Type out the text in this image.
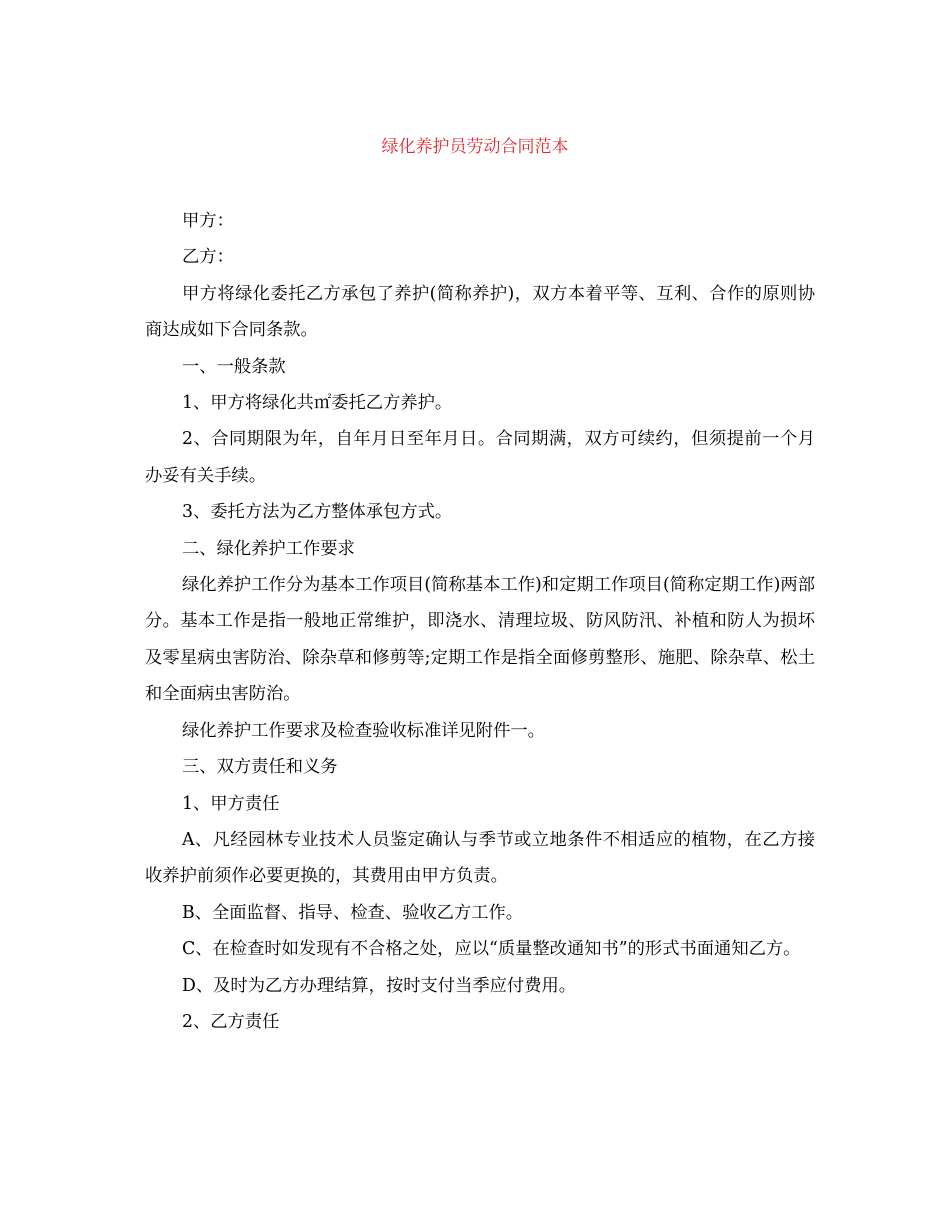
绿化养护员劳动合同范本

甲方：

乙方：

甲方将绿化委托乙方承包了养护(简称养护)，双方本着平等、互利、合作的原则协商达成如下合同条款。

一、一般条款

1、甲方将绿化共㎡委托乙方养护。

2、合同期限为年，自年月日至年月日。合同期满，双方可续约，但须提前一个月办妥有关手续。

3、委托方法为乙方整体承包方式。

二、绿化养护工作要求

绿化养护工作分为基本工作项目(简称基本工作)和定期工作项目(简称定期工作)两部分。基本工作是指一般地正常维护，即浇水、清理垃圾、防风防汛、补植和防人为损坏及零星病虫害防治、除杂草和修剪等;定期工作是指全面修剪整形、施肥、除杂草、松土和全面病虫害防治。

绿化养护工作要求及检查验收标准详见附件一。

三、双方责任和义务

1、甲方责任

A、凡经园林专业技术人员鉴定确认与季节或立地条件不相适应的植物，在乙方接收养护前须作必要更换的，其费用由甲方负责。

B、全面监督、指导、检查、验收乙方工作。

C、在检查时如发现有不合格之处，应以“质量整改通知书”的形式书面通知乙方。

D、及时为乙方办理结算，按时支付当季应付费用。

2、乙方责任
